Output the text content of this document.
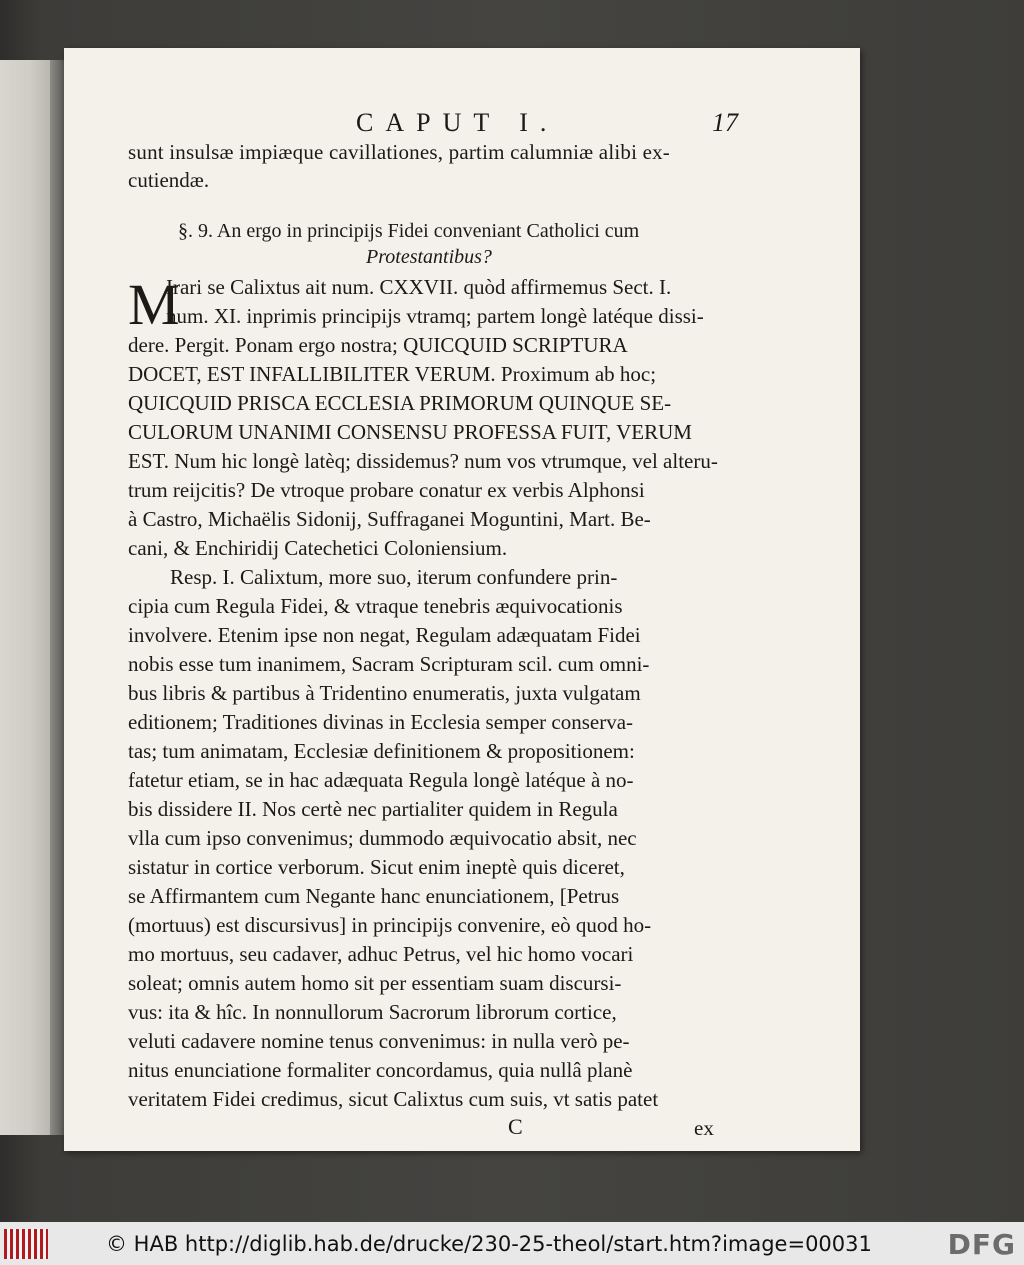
CAPUT I.	17
sunt insulsæ impiæque cavillationes, partim calumniæ alibi ex-
cutiendæ.
§. 9. An ergo in principijs Fidei conveniant Catholici cum
Protestantibus?
M
Irari se Calixtus ait num. CXXVII. quòd affirmemus Sect. I.
num. XI. inprimis principijs vtramq; partem longè latéque dissi-
dere. Pergit. Ponam ergo nostra; QUICQUID SCRIPTURA
DOCET, EST INFALLIBILITER VERUM. Proximum ab hoc;
QUICQUID PRISCA ECCLESIA PRIMORUM QUINQUE SE-
CULORUM UNANIMI CONSENSU PROFESSA FUIT, VERUM
EST. Num hic longè latèq; dissidemus? num vos vtrumque, vel alteru-
trum reijcitis? De vtroque probare conatur ex verbis Alphonsi
à Castro, Michaëlis Sidonij, Suffraganei Moguntini, Mart. Be-
cani, & Enchiridij Catechetici Coloniensium.
Resp. I. Calixtum, more suo, iterum confundere prin-
cipia cum Regula Fidei, & vtraque tenebris æquivocationis
involvere. Etenim ipse non negat, Regulam adæquatam Fidei
nobis esse tum inanimem, Sacram Scripturam scil. cum omni-
bus libris & partibus à Tridentino enumeratis, juxta vulgatam
editionem; Traditiones divinas in Ecclesia semper conserva-
tas; tum animatam, Ecclesiæ definitionem & propositionem:
fatetur etiam, se in hac adæquata Regula longè latéque à no-
bis dissidere II. Nos certè nec partialiter quidem in Regula
vlla cum ipso convenimus; dummodo æquivocatio absit, nec
sistatur in cortice verborum. Sicut enim ineptè quis diceret,
se Affirmantem cum Negante hanc enunciationem, [Petrus
(mortuus) est discursivus] in principijs convenire, eò quod ho-
mo mortuus, seu cadaver, adhuc Petrus, vel hic homo vocari
soleat; omnis autem homo sit per essentiam suam discursi-
vus: ita & hîc. In nonnullorum Sacrorum librorum cortice,
veluti cadavere nomine tenus convenimus: in nulla verò pe-
nitus enunciatione formaliter concordamus, quia nullâ planè
veritatem Fidei credimus, sicut Calixtus cum suis, vt satis patet
C	ex
© HAB http://diglib.hab.de/drucke/230-25-theol/start.htm?image=00031	DFG
